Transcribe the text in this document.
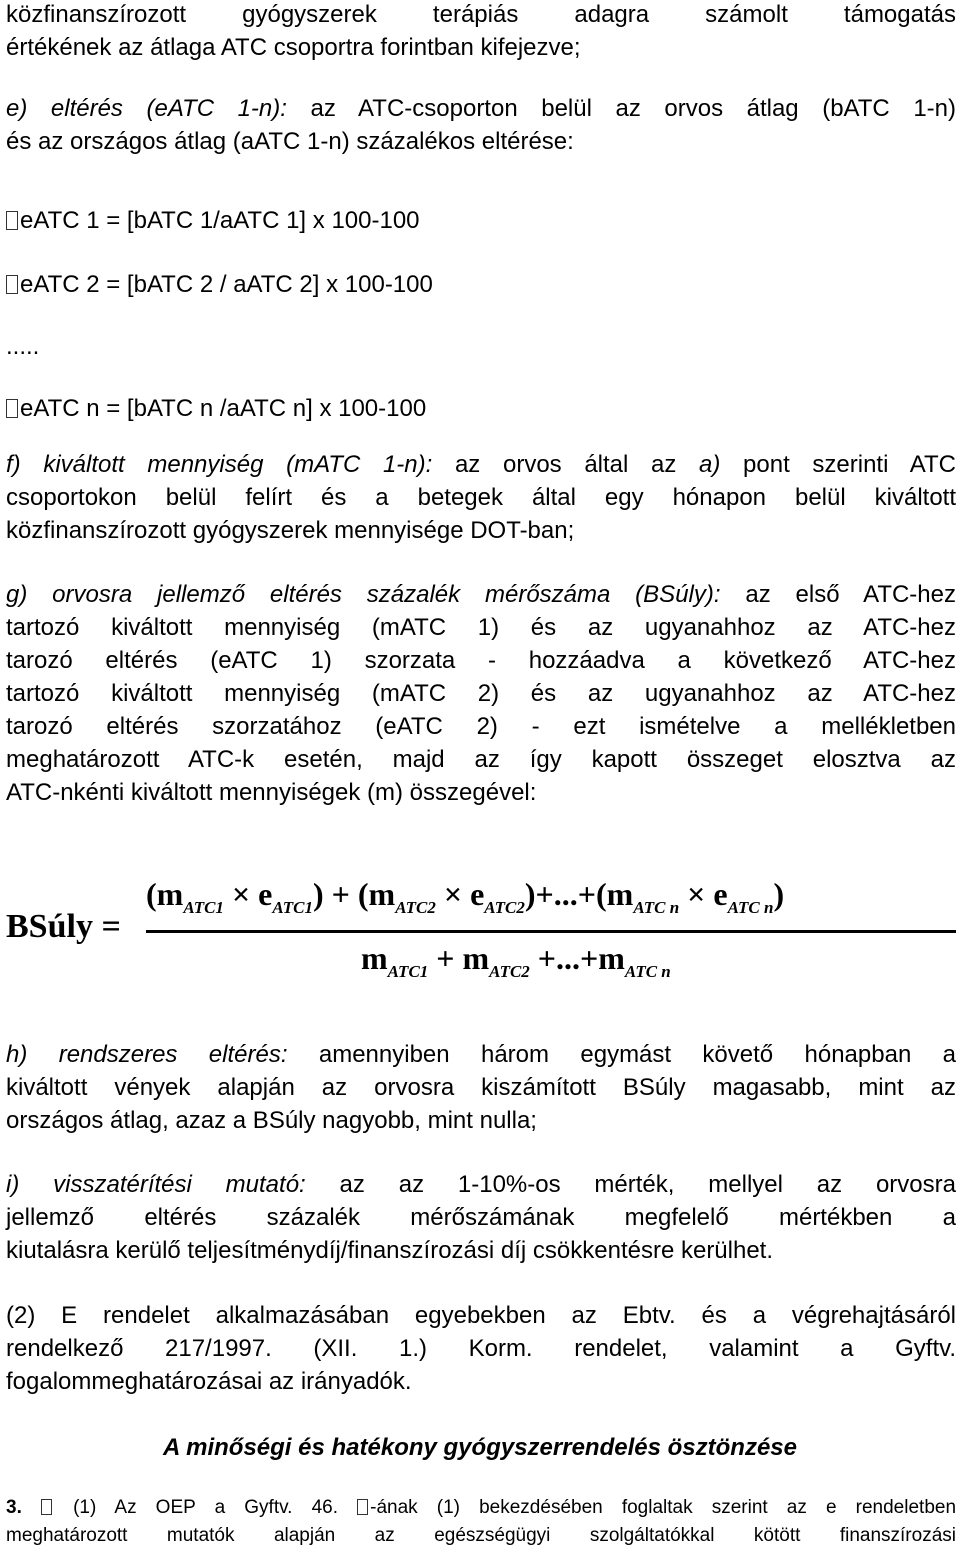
közfinanszírozott gyógyszerek terápiás adagra számolt támogatás

értékének az átlaga ATC csoportra forintban kifejezve;

e) eltérés (eATC 1-n): az ATC-csoporton belül az orvos átlag (bATC 1-n)

és az országos átlag (aATC 1-n) százalékos eltérése:

eATC 1 = [bATC 1/aATC 1] x 100-100
eATC 2 = [bATC 2 / aATC 2] x 100-100
.....
eATC n = [bATC n /aATC n] x 100-100

f) kiváltott mennyiség (mATC 1-n): az orvos által az a) pont szerinti ATC

csoportokon belül felírt és a betegek által egy hónapon belül kiváltott

közfinanszírozott gyógyszerek mennyisége DOT-ban;

g) orvosra jellemző eltérés százalék mérőszáma (BSúly): az első ATC-hez

tartozó kiváltott mennyiség (mATC 1) és az ugyanahhoz az ATC-hez

tarozó eltérés (eATC 1) szorzata - hozzáadva a következő ATC-hez

tartozó kiváltott mennyiség (mATC 2) és az ugyanahhoz az ATC-hez

tarozó eltérés szorzatához (eATC 2) - ezt ismételve a mellékletben

meghatározott ATC-k esetén, majd az így kapott összeget elosztva az

ATC-nkénti kiváltott mennyiségek (m) összegével:

BSúly =
$(m_{ATC1} \times e_{ATC1}) + (m_{ATC2} \times e_{ATC2})+...+(m_{ATC n} \times e_{ATC n})$
$m_{ATC1} + m_{ATC2} +...+m_{ATC n}$

h) rendszeres eltérés: amennyiben három egymást követő hónapban a

kiváltott vények alapján az orvosra kiszámított BSúly magasabb, mint az

országos átlag, azaz a BSúly nagyobb, mint nulla;

i) visszatérítési mutató: az az 1-10%-os mérték, mellyel az orvosra

jellemző eltérés százalék mérőszámának megfelelő mértékben a

kiutalásra kerülő teljesítménydíj/finanszírozási díj csökkentésre kerülhet.

(2) E rendelet alkalmazásában egyebekben az Ebtv. és a végrehajtásáról

rendelkező 217/1997. (XII. 1.) Korm. rendelet, valamint a Gyftv.

fogalommeghatározásai az irányadók.

3.  (1) Az OEP a Gyftv. 46. -ának (1) bekezdésében foglaltak szerint az e rendeletben

meghatározott mutatók alapján az egészségügyi szolgáltatókkal kötött finanszírozási

A minőségi és hatékony gyógyszerrendelés ösztönzése
